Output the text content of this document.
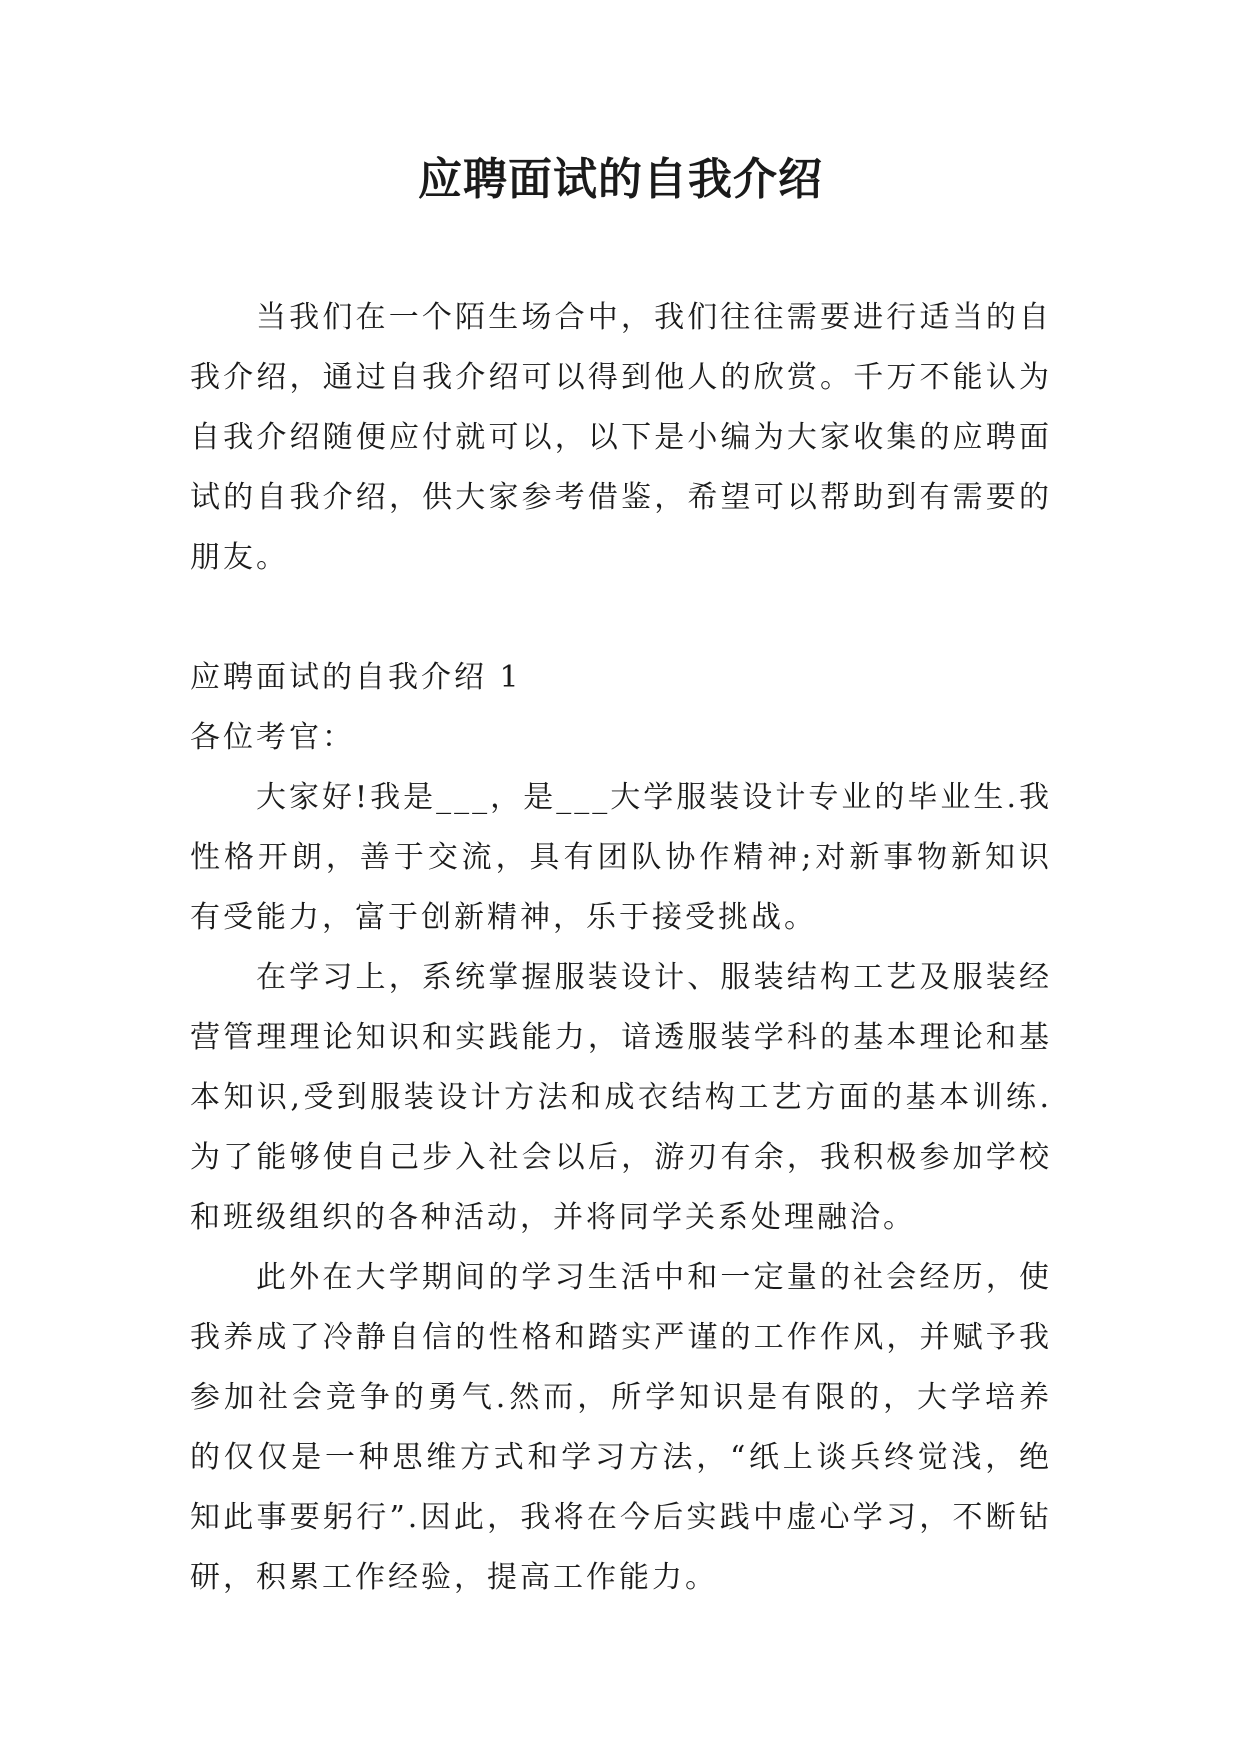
应聘面试的自我介绍

当我们在一个陌生场合中，我们往往需要进行适当的自我介绍，通过自我介绍可以得到他人的欣赏。千万不能认为自我介绍随便应付就可以，以下是小编为大家收集的应聘面试的自我介绍，供大家参考借鉴，希望可以帮助到有需要的朋友。

应聘面试的自我介绍 1

各位考官：

大家好!我是___，是___大学服装设计专业的毕业生.我性格开朗，善于交流，具有团队协作精神;对新事物新知识有受能力，富于创新精神，乐于接受挑战。

在学习上，系统掌握服装设计、服装结构工艺及服装经营管理理论知识和实践能力，谙透服装学科的基本理论和基本知识,受到服装设计方法和成衣结构工艺方面的基本训练.为了能够使自己步入社会以后，游刃有余，我积极参加学校和班级组织的各种活动，并将同学关系处理融洽。

此外在大学期间的学习生活中和一定量的社会经历，使我养成了冷静自信的性格和踏实严谨的工作作风，并赋予我参加社会竞争的勇气.然而，所学知识是有限的，大学培养的仅仅是一种思维方式和学习方法，“纸上谈兵终觉浅，绝知此事要躬行”.因此，我将在今后实践中虚心学习，不断钻研，积累工作经验，提高工作能力。
